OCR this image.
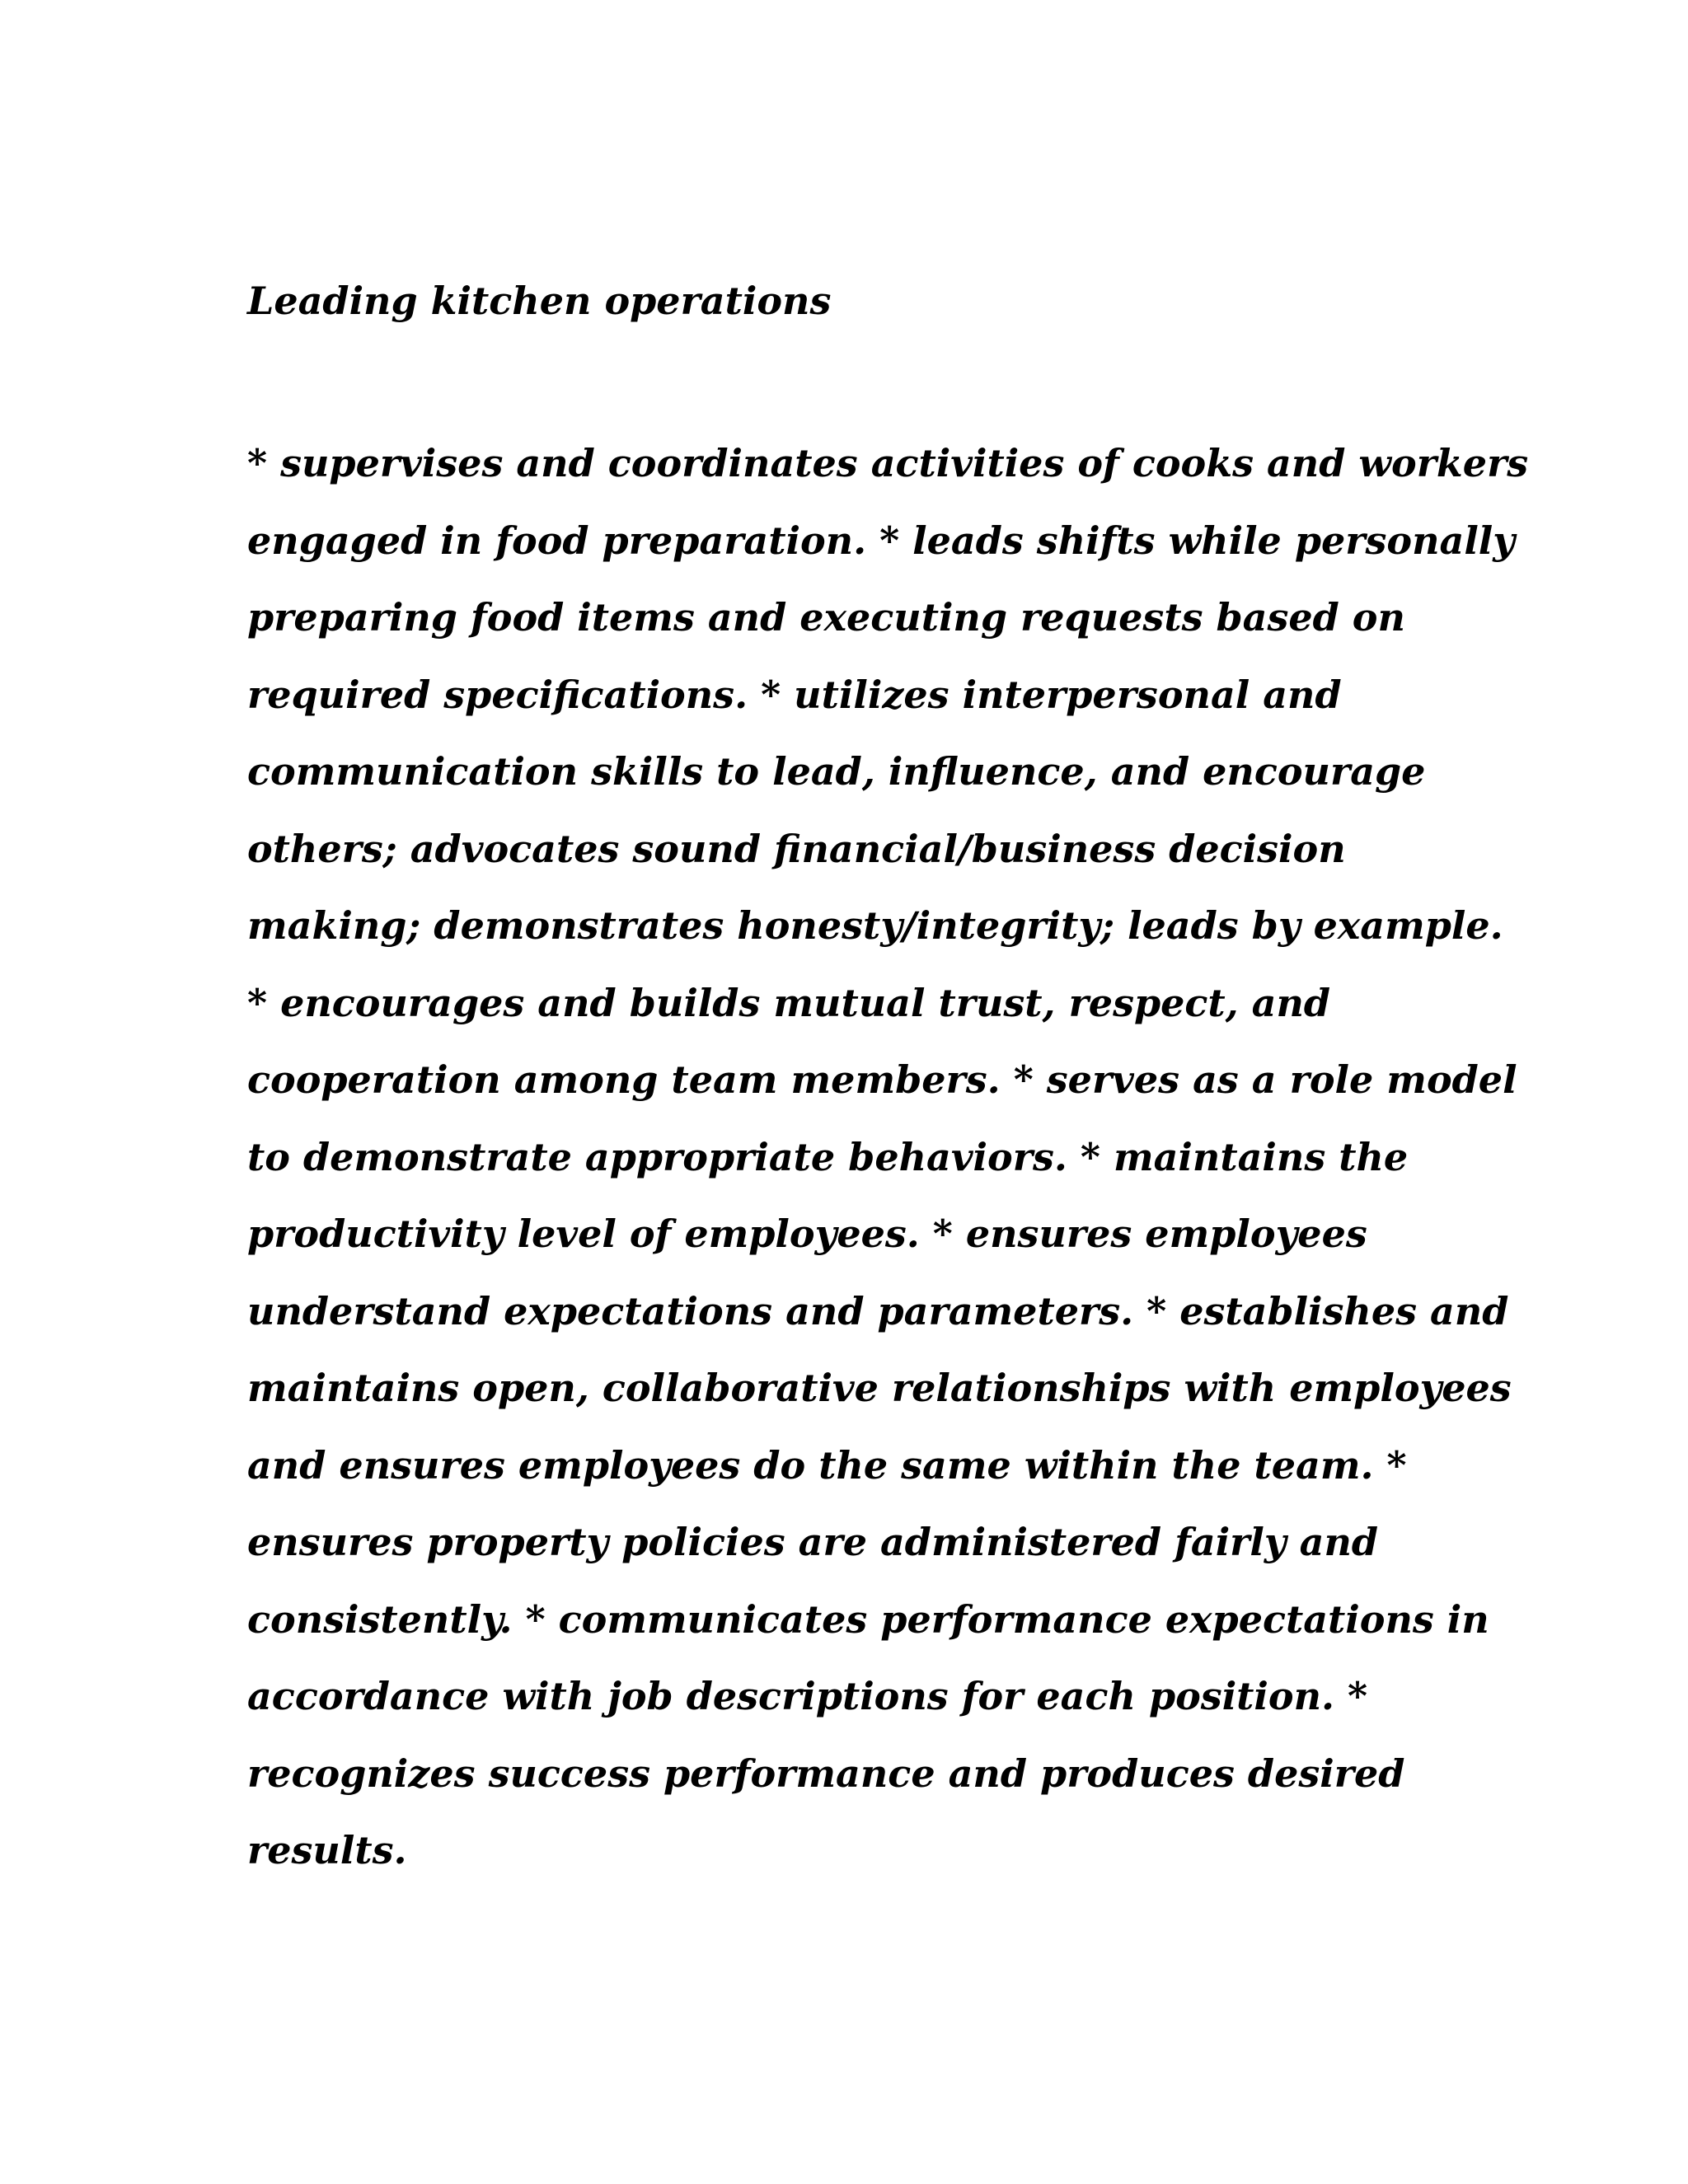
Leading kitchen operations
* supervises and coordinates activities of cooks and workers
engaged in food preparation. * leads shifts while personally
preparing food items and executing requests based on
required specifications. * utilizes interpersonal and
communication skills to lead, influence, and encourage
others; advocates sound financial/business decision
making; demonstrates honesty/integrity; leads by example.
* encourages and builds mutual trust, respect, and
cooperation among team members. * serves as a role model
to demonstrate appropriate behaviors. * maintains the
productivity level of employees. * ensures employees
understand expectations and parameters. * establishes and
maintains open, collaborative relationships with employees
and ensures employees do the same within the team. *
ensures property policies are administered fairly and
consistently. * communicates performance expectations in
accordance with job descriptions for each position. *
recognizes success performance and produces desired
results.
